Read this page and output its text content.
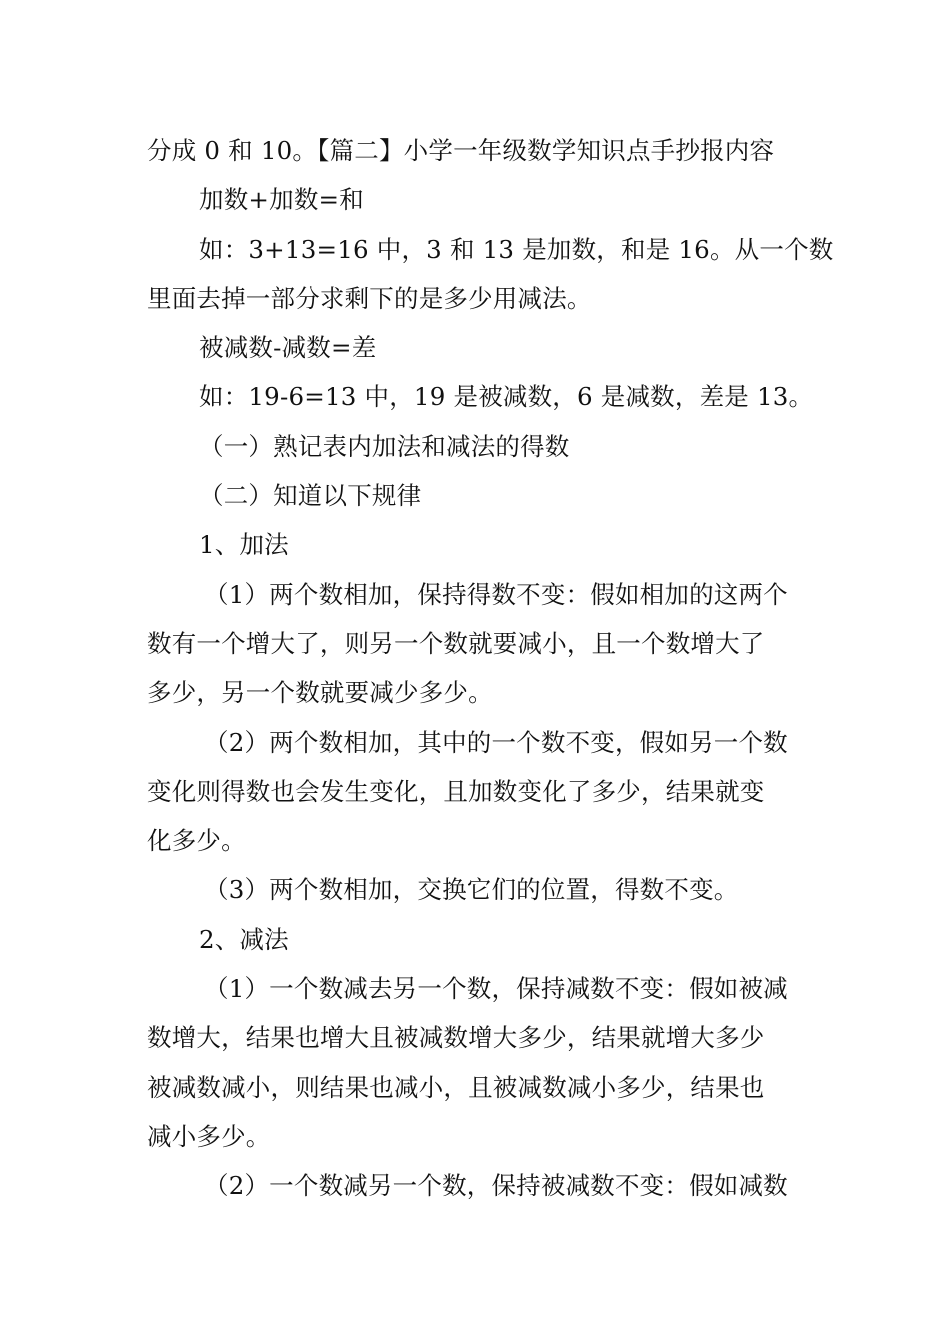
分成 0 和 10。【篇二】小学一年级数学知识点手抄报内容
加数+加数=和
如：3+13=16 中，3 和 13 是加数，和是 16。从一个数
里面去掉一部分求剩下的是多少用减法。
被减数-减数=差
如：19-6=13 中，19 是被减数，6 是减数，差是 13。
（一）熟记表内加法和减法的得数
（二）知道以下规律
1、加法
（1）两个数相加，保持得数不变：假如相加的这两个
数有一个增大了，则另一个数就要减小，且一个数增大了
多少，另一个数就要减少多少。
（2）两个数相加，其中的一个数不变，假如另一个数
变化则得数也会发生变化，且加数变化了多少，结果就变
化多少。
（3）两个数相加，交换它们的位置，得数不变。
2、减法
（1）一个数减去另一个数，保持减数不变：假如被减
数增大，结果也增大且被减数增大多少，结果就增大多少
被减数减小，则结果也减小，且被减数减小多少，结果也
减小多少。
（2）一个数减另一个数，保持被减数不变：假如减数
